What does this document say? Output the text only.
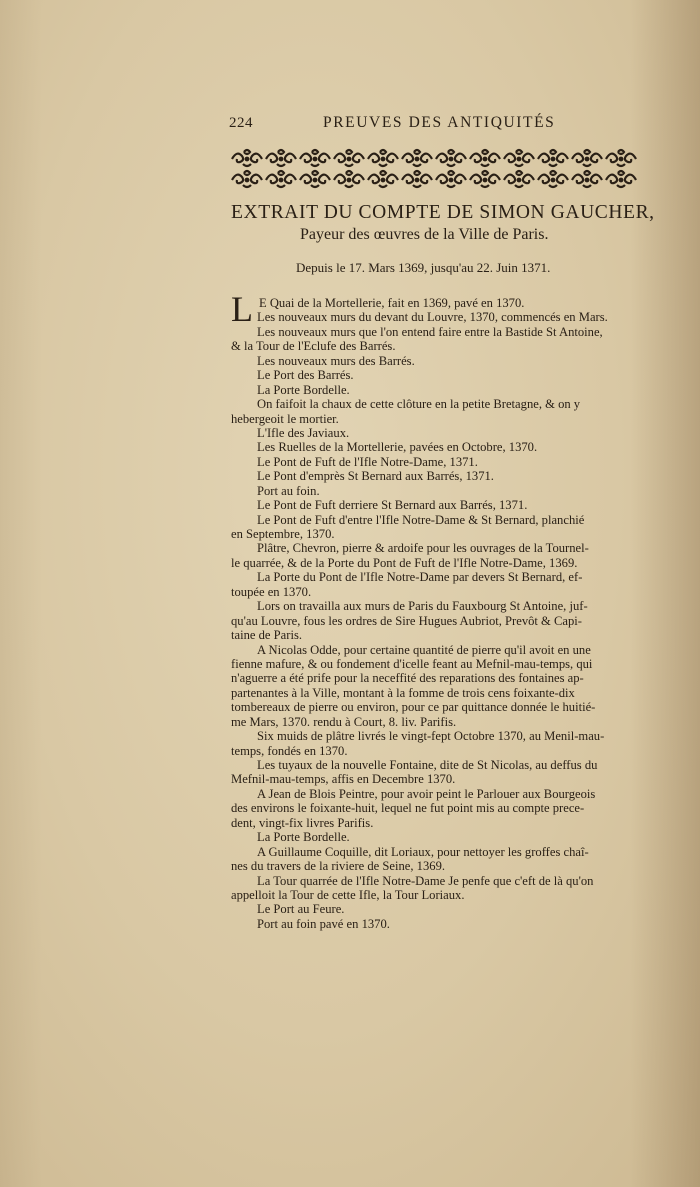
224	PREUVES DES ANTIQUITÉS
EXTRAIT DU COMPTE DE SIMON GAUCHER,
Payeur des œuvres de la Ville de Paris.
Depuis le 17. Mars 1369, jusqu'au 22. Juin 1371.
L E Quai de la Mortellerie, fait en 1369, pavé en 1370.
Les nouveaux murs du devant du Louvre, 1370, commencés en Mars.
Les nouveaux murs que l'on entend faire entre la Bastide St Antoine,
& la Tour de l'Eclufe des Barrés.
Les nouveaux murs des Barrés.
Le Port des Barrés.
La Porte Bordelle.
On faifoit la chaux de cette clôture en la petite Bretagne, & on y
hebergeoit le mortier.
L'Ifle des Javiaux.
Les Ruelles de la Mortellerie, pavées en Octobre, 1370.
Le Pont de Fuft de l'Ifle Notre-Dame, 1371.
Le Pont d'emprès St Bernard aux Barrés, 1371.
Port au foin.
Le Pont de Fuft derriere St Bernard aux Barrés, 1371.
Le Pont de Fuft d'entre l'Ifle Notre-Dame & St Bernard, planchié
en Septembre, 1370.
Plâtre, Chevron, pierre & ardoife pour les ouvrages de la Tournel-
le quarrée, & de la Porte du Pont de Fuft de l'Ifle Notre-Dame, 1369.
La Porte du Pont de l'Ifle Notre-Dame par devers St Bernard, ef-
toupée en 1370.
Lors on travailla aux murs de Paris du Fauxbourg St Antoine, juf-
qu'au Louvre, fous les ordres de Sire Hugues Aubriot, Prevôt & Capi-
taine de Paris.
A Nicolas Odde, pour certaine quantité de pierre qu'il avoit en une
fienne mafure, & ou fondement d'icelle feant au Mefnil-mau-temps, qui
n'aguerre a été prife pour la neceffité des reparations des fontaines ap-
partenantes à la Ville, montant à la fomme de trois cens foixante-dix
tombereaux de pierre ou environ, pour ce par quittance donnée le huitié-
me Mars, 1370. rendu à Court, 8. liv. Parifis.
Six muids de plâtre livrés le vingt-fept Octobre 1370, au Menil-mau-
temps, fondés en 1370.
Les tuyaux de la nouvelle Fontaine, dite de St Nicolas, au deffus du
Mefnil-mau-temps, affis en Decembre 1370.
A Jean de Blois Peintre, pour avoir peint le Parlouer aux Bourgeois
des environs le foixante-huit, lequel ne fut point mis au compte prece-
dent, vingt-fix livres Parifis.
La Porte Bordelle.
A Guillaume Coquille, dit Loriaux, pour nettoyer les groffes chaî-
nes du travers de la riviere de Seine, 1369.
La Tour quarrée de l'Ifle Notre-Dame Je penfe que c'eft de là qu'on
appelloit la Tour de cette Ifle, la Tour Loriaux.
Le Port au Feure.
Port au foin pavé en 1370.
